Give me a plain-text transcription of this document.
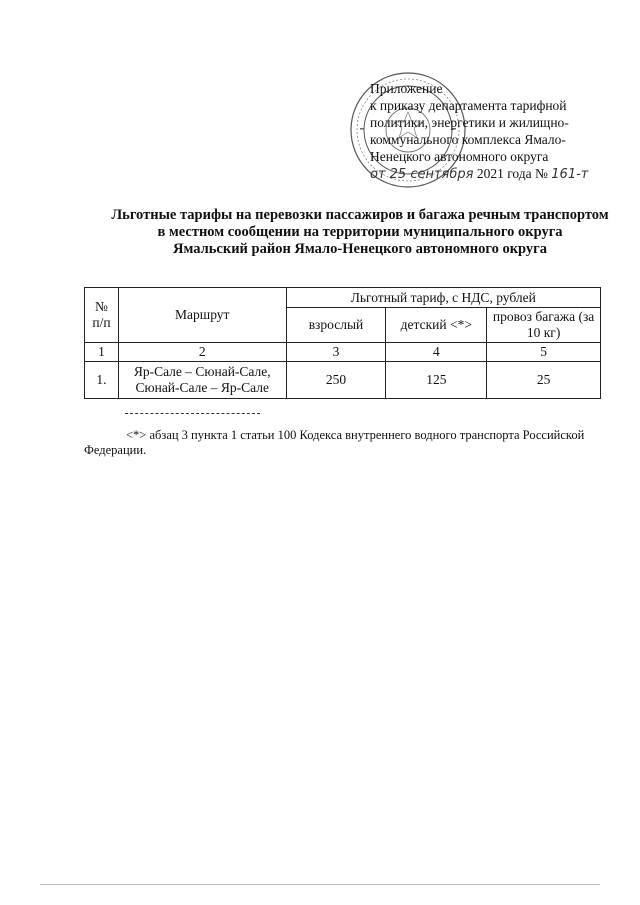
Приложение
к приказу департамента тарифной
политики, энергетики и жилищно-
коммунального комплекса Ямало-
Ненецкого автономного округа
от 25 сентября 2021 года № 161-т
Льготные тарифы на перевозки пассажиров и багажа речным транспортом
в местном сообщении на территории муниципального округа
Ямальский район Ямало-Ненецкого автономного округа
№ п/п	Маршрут	Льготный тариф, с НДС, рублей		
		взрослый	детский <*>	провоз багажа (за 10 кг)
1	2	3	4	5
1.	Яр-Сале – Сюнай-Сале,
Сюнай-Сале – Яр-Сале	250	125	25
<*> абзац 3 пункта 1 статьи 100 Кодекса внутреннего водного транспорта Российской Федерации.
